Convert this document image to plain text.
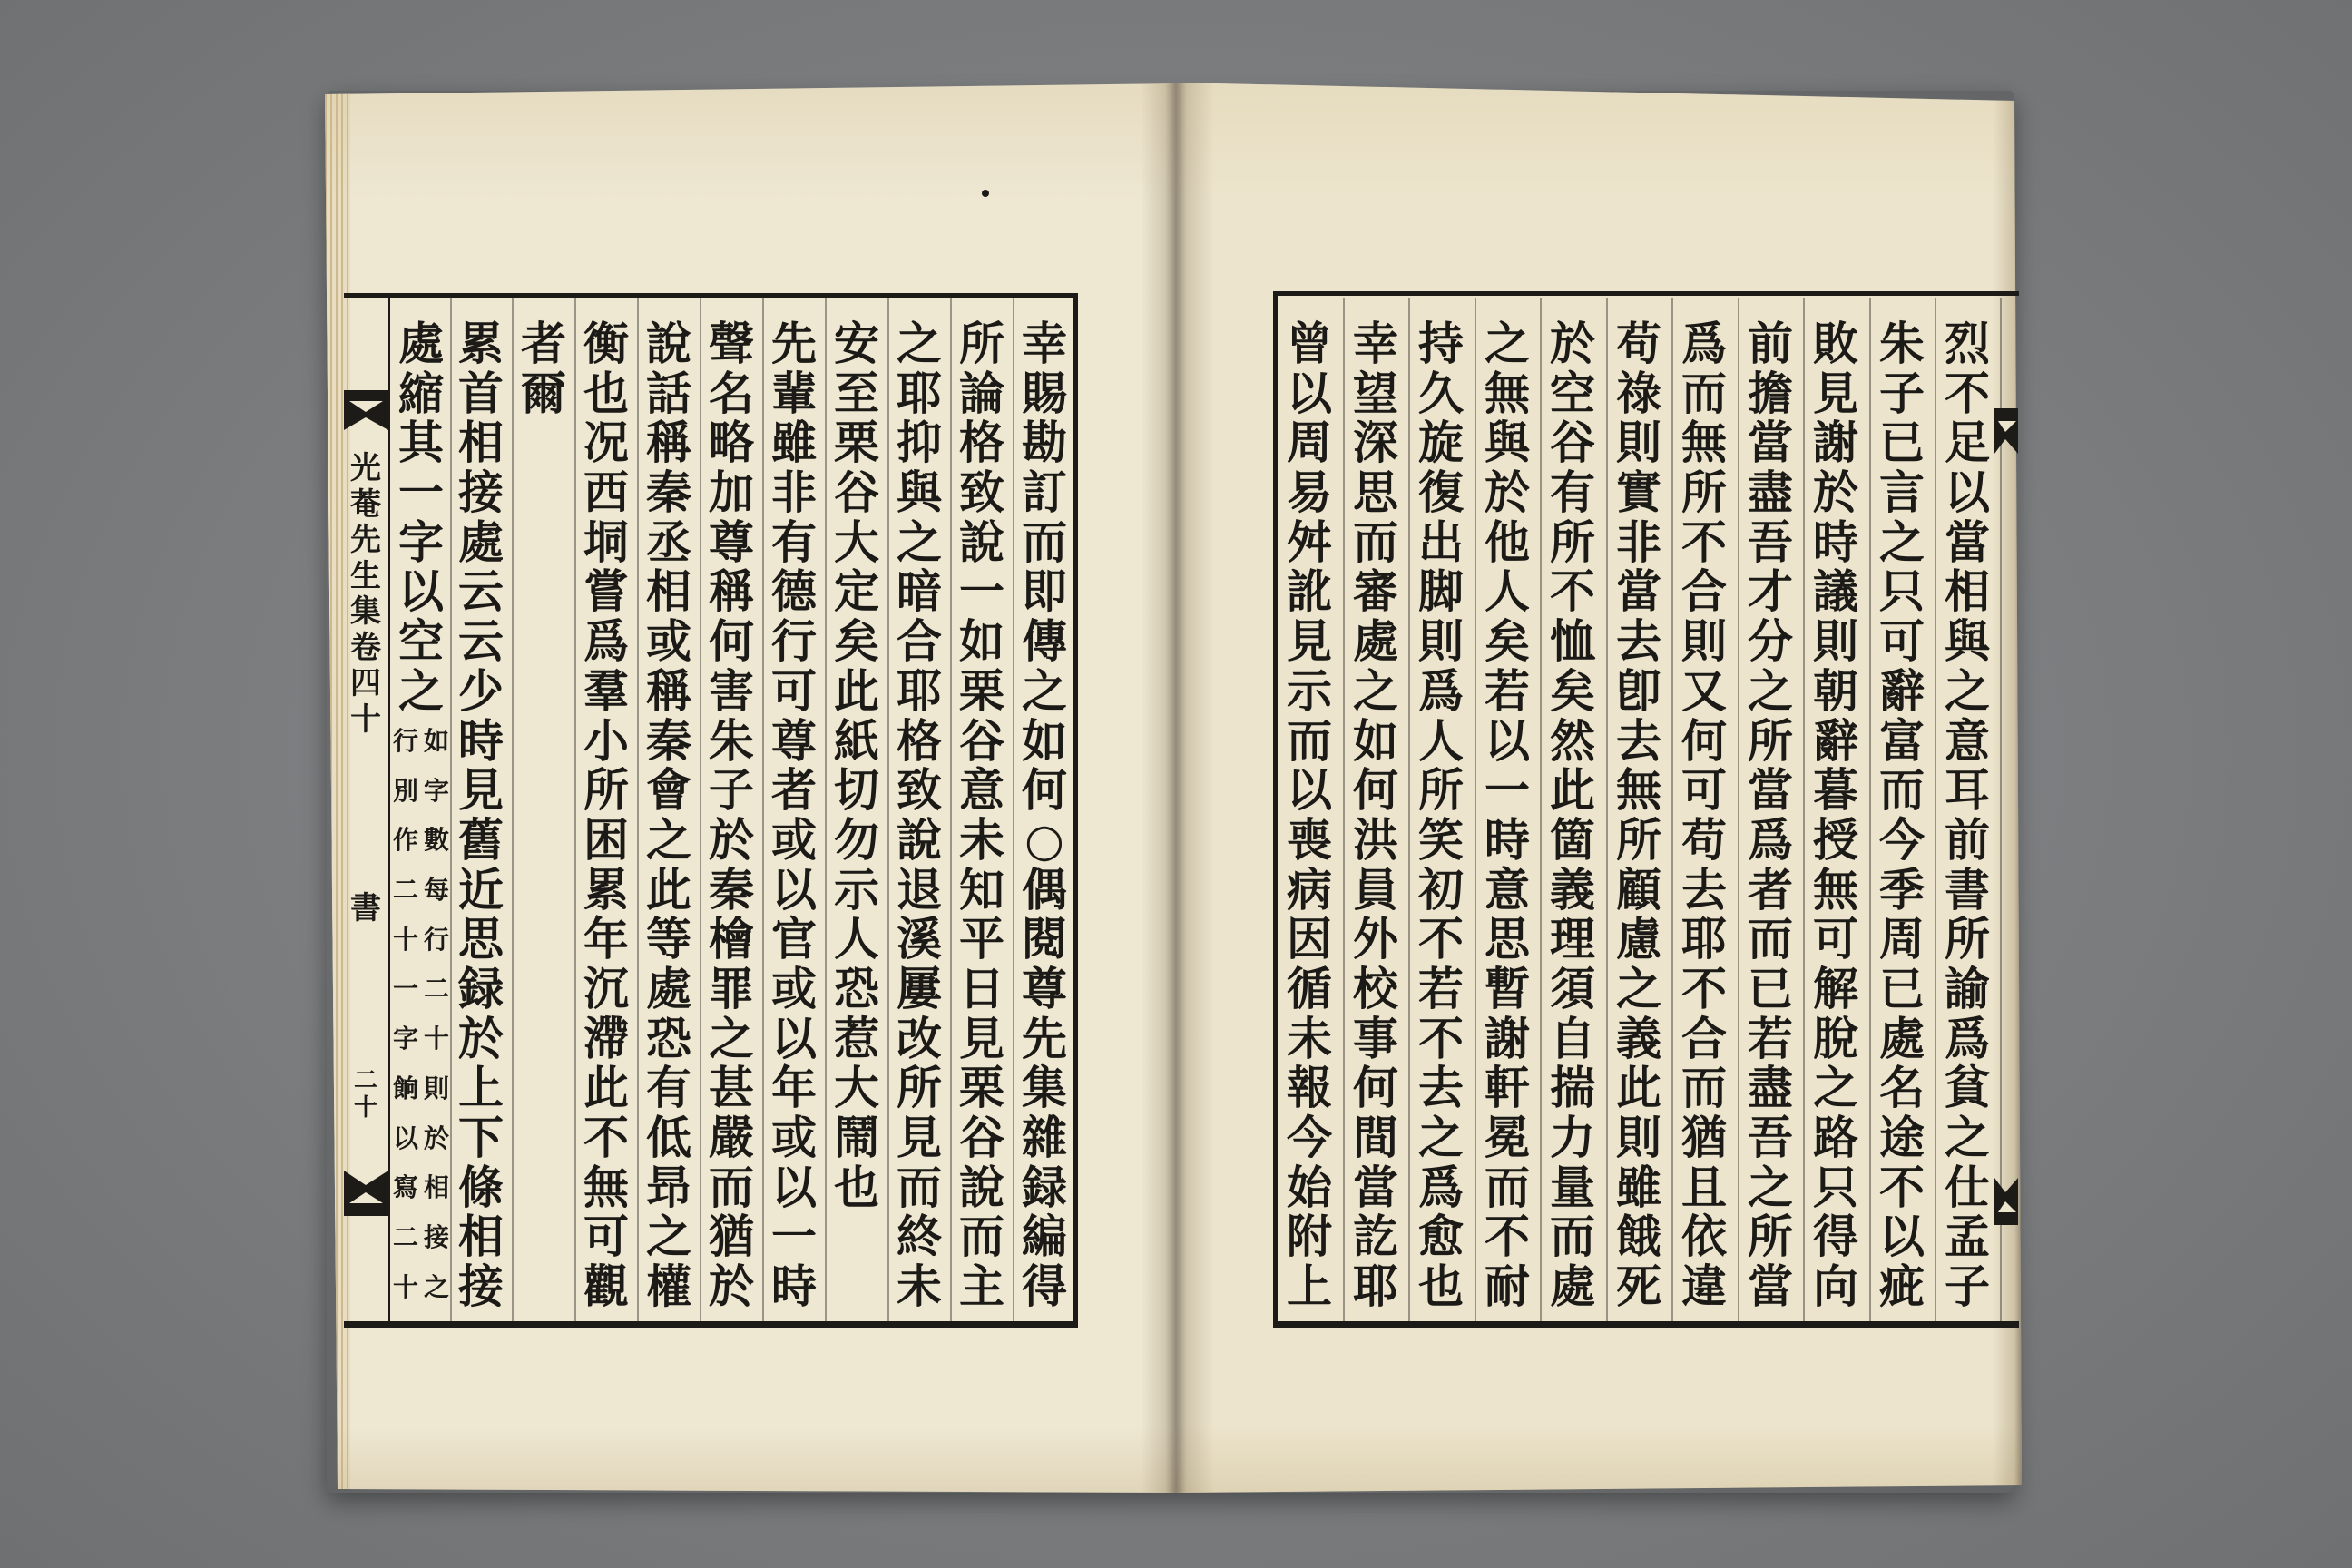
光
菴
先
生
集
卷
四
十
書
二
十
幸
賜
勘
訂
而
即
傳
之
如
何
○
偶
閱
尊
先
集
雜
録
編
得
所
論
格
致
說
一
如
栗
谷
意
未
知
平
日
見
栗
谷
說
而
主
之
耶
抑
與
之
暗
合
耶
格
致
說
退
溪
屢
改
所
見
而
終
未
安
至
栗
谷
大
定
矣
此
紙
切
勿
示
人
恐
惹
大
鬧
也
先
輩
雖
非
有
德
行
可
尊
者
或
以
官
或
以
年
或
以
一
時
聲
名
略
加
尊
稱
何
害
朱
子
於
秦
檜
罪
之
甚
嚴
而
猶
於
說
話
稱
秦
丞
相
或
稱
秦
會
之
此
等
處
恐
有
低
昻
之
權
衡
也
况
西
垌
嘗
爲
羣
小
所
困
累
年
沉
滯
此
不
無
可
觀
者
爾
累
首
相
接
處
云
云
少
時
見
舊
近
思
録
於
上
下
條
相
接
處
縮
其
一
字
以
空
之
如
字
數
每
行
二
十
則
於
相
接
之
行
別
作
二
十
一
字
餉
以
寫
二
十
烈
不
足
以
當
相
與
之
意
耳
前
書
所
諭
爲
貧
之
仕
孟
子
朱
子
已
言
之
只
可
辭
富
而
今
季
周
已
處
名
途
不
以
疵
敗
見
謝
於
時
議
則
朝
辭
暮
授
無
可
解
脫
之
路
只
得
向
前
擔
當
盡
吾
才
分
之
所
當
爲
者
而
已
若
盡
吾
之
所
當
爲
而
無
所
不
合
則
又
何
可
苟
去
耶
不
合
而
猶
且
依
違
苟
祿
則
實
非
當
去
卽
去
無
所
顧
慮
之
義
此
則
雖
餓
死
於
空
谷
有
所
不
恤
矣
然
此
箇
義
理
須
自
揣
力
量
而
處
之
無
與
於
他
人
矣
若
以
一
時
意
思
暫
謝
軒
冕
而
不
耐
持
久
旋
復
出
脚
則
爲
人
所
笑
初
不
若
不
去
之
爲
愈
也
幸
望
深
思
而
審
處
之
如
何
洪
員
外
校
事
何
間
當
訖
耶
曾
以
周
易
舛
訛
見
示
而
以
喪
病
因
循
未
報
今
始
附
上
